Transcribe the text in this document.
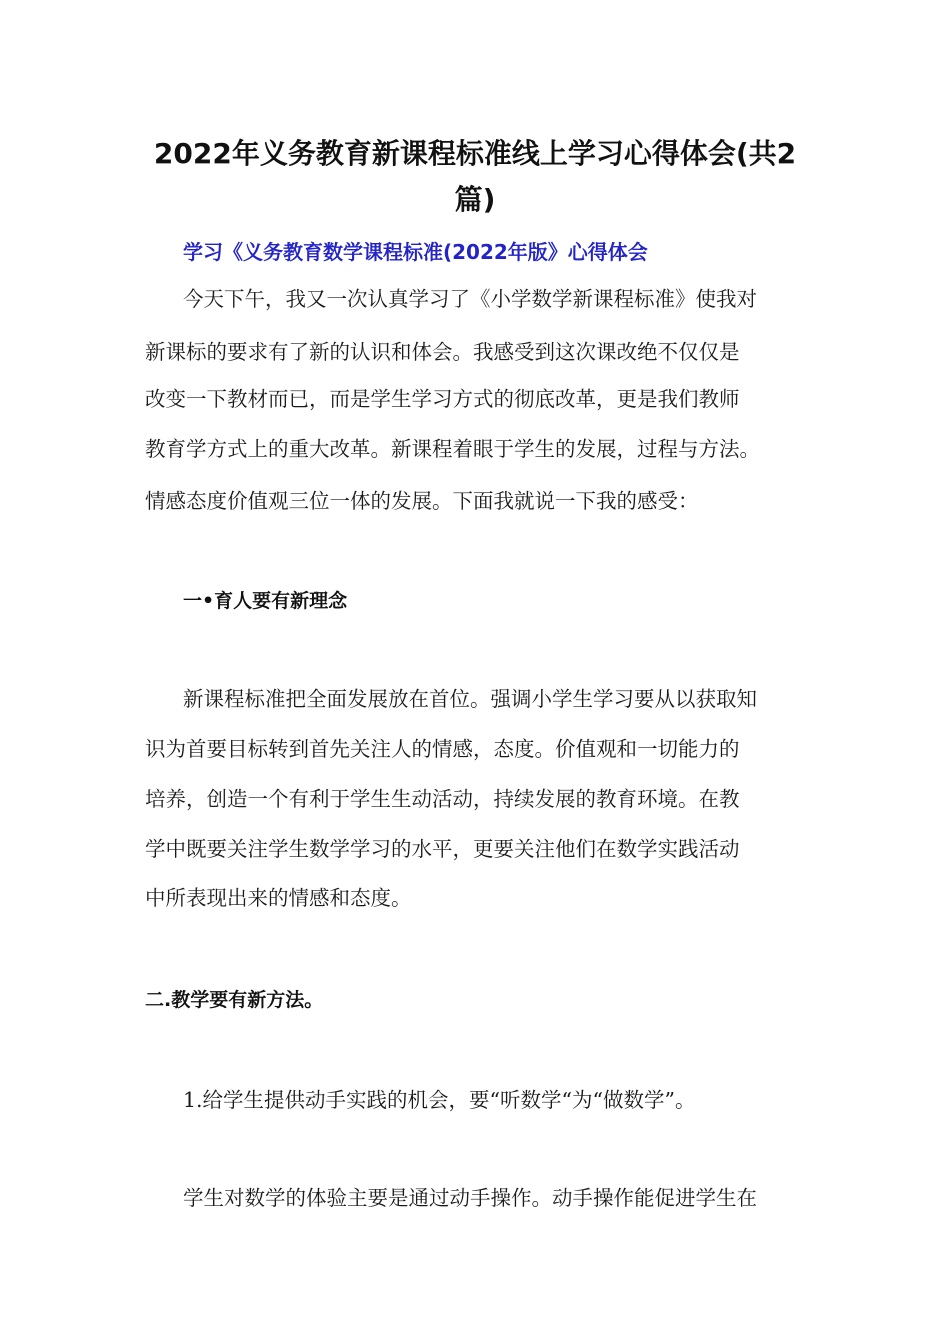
2022年义务教育新课程标准线上学习心得体会(共2
篇)
学习《义务教育数学课程标准(2022年版》心得体会
今天下午，我又一次认真学习了《小学数学新课程标准》使我对
新课标的要求有了新的认识和体会。我感受到这次课改绝不仅仅是
改变一下教材而已，而是学生学习方式的彻底改革，更是我们教师
教育学方式上的重大改革。新课程着眼于学生的发展，过程与方法。
情感态度价值观三位一体的发展。下面我就说一下我的感受：
一•育人要有新理念
新课程标准把全面发展放在首位。强调小学生学习要从以获取知
识为首要目标转到首先关注人的情感，态度。价值观和一切能力的
培养，创造一个有利于学生生动活动，持续发展的教育环境。在教
学中既要关注学生数学学习的水平，更要关注他们在数学实践活动
中所表现出来的情感和态度。
二.教学要有新方法。
1.给学生提供动手实践的机会，要“听数学“为“做数学”。
学生对数学的体验主要是通过动手操作。动手操作能促进学生在
